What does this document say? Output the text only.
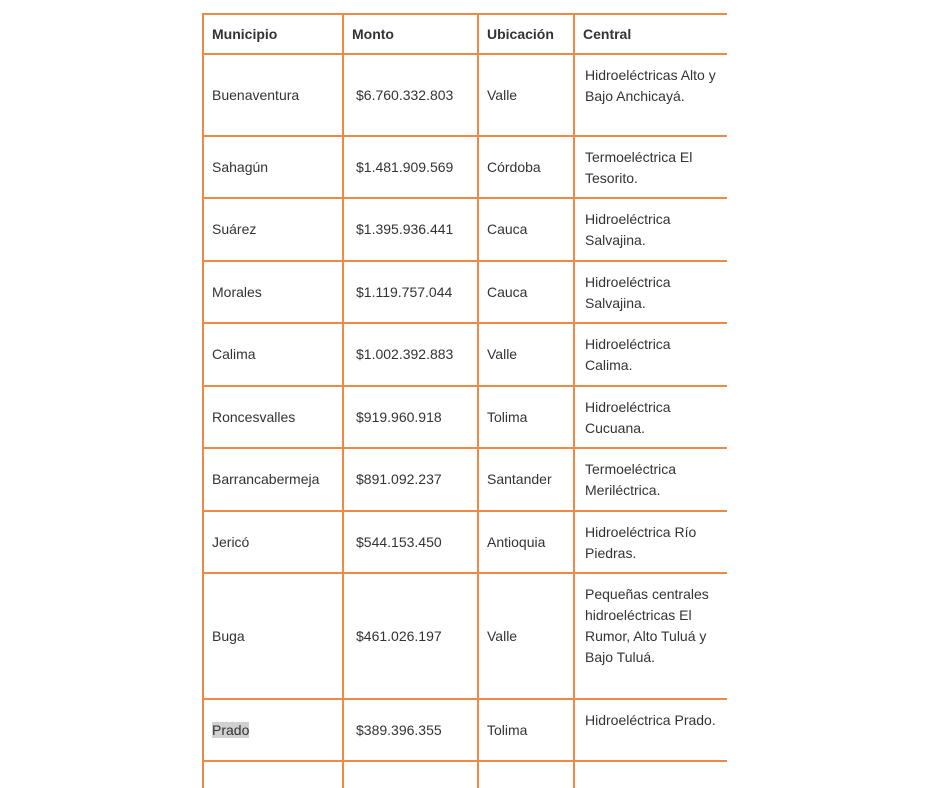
Municipio	Monto	Ubicación	Central
Buenaventura	$6.760.332.803	Valle	Hidroeléctricas Alto y Bajo Anchicayá.
Sahagún	$1.481.909.569	Córdoba	Termoeléctrica El Tesorito.
Suárez	$1.395.936.441	Cauca	Hidroeléctrica Salvajina.
Morales	$1.119.757.044	Cauca	Hidroeléctrica Salvajina.
Calima	$1.002.392.883	Valle	Hidroeléctrica Calima.
Roncesvalles	$919.960.918	Tolima	Hidroeléctrica Cucuana.
Barrancabermeja	$891.092.237	Santander	Termoeléctrica Meriléctrica.
Jericó	$544.153.450	Antioquia	Hidroeléctrica Río Piedras.
Buga	$461.026.197	Valle	Pequeñas centrales hidroeléctricas El Rumor, Alto Tuluá y Bajo Tuluá.
Prado	$389.396.355	Tolima	Hidroeléctrica Prado.
